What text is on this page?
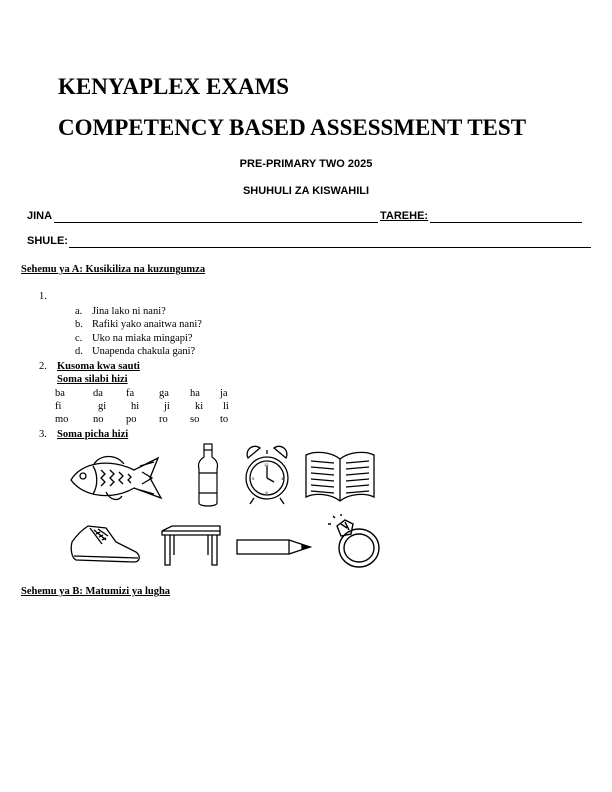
KENYAPLEX EXAMS
COMPETENCY BASED ASSESSMENT TEST
PRE-PRIMARY TWO 2025
SHUHULI ZA KISWAHILI
JINA	TAREHE:
SHULE:
Sehemu ya A: Kusikiliza na kuzungumza
1.
a. Jina lako ni nani?
b. Rafiki yako anaitwa nani?
c. Uko na miaka mingapi?
d. Unapenda chakula gani?
2. Kusoma kwa sauti
Soma silabi hizi
ba	da	fa	ga	ha	ja
fi	gi	hi	ji	ki	li
mo	no	po	ro	so	to
3. Soma picha hizi
12
3
6
9
Sehemu ya B: Matumizi ya lugha
